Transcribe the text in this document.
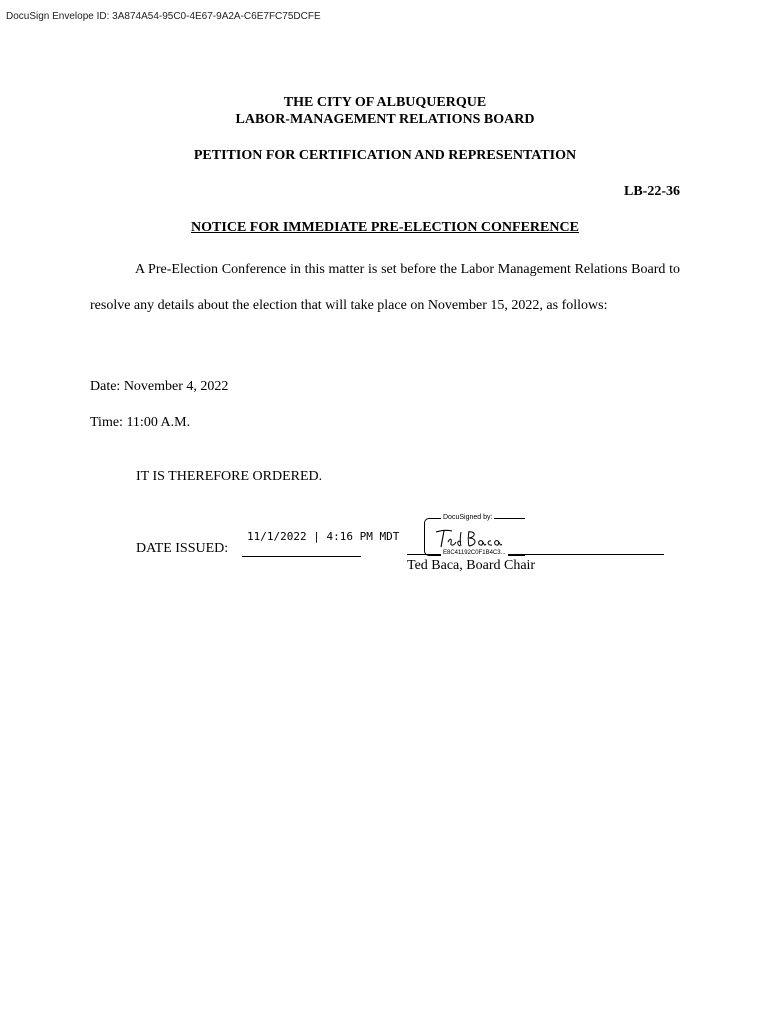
DocuSign Envelope ID: 3A874A54-95C0-4E67-9A2A-C6E7FC75DCFE
THE CITY OF ALBUQUERQUE
LABOR-MANAGEMENT RELATIONS BOARD
PETITION FOR CERTIFICATION AND REPRESENTATION
LB-22-36
NOTICE FOR IMMEDIATE PRE-ELECTION CONFERENCE

A Pre-Election Conference in this matter is set before the Labor Management Relations Board to resolve any details about the election that will take place on November 15, 2022, as follows:

Date: November 4, 2022
Time: 11:00 A.M.
IT IS THEREFORE ORDERED.
DATE ISSUED:
11/1/2022 | 4:16 PM MDT
DocuSigned by:
E8C41192C0F1B4C3...
Ted Baca, Board Chair
